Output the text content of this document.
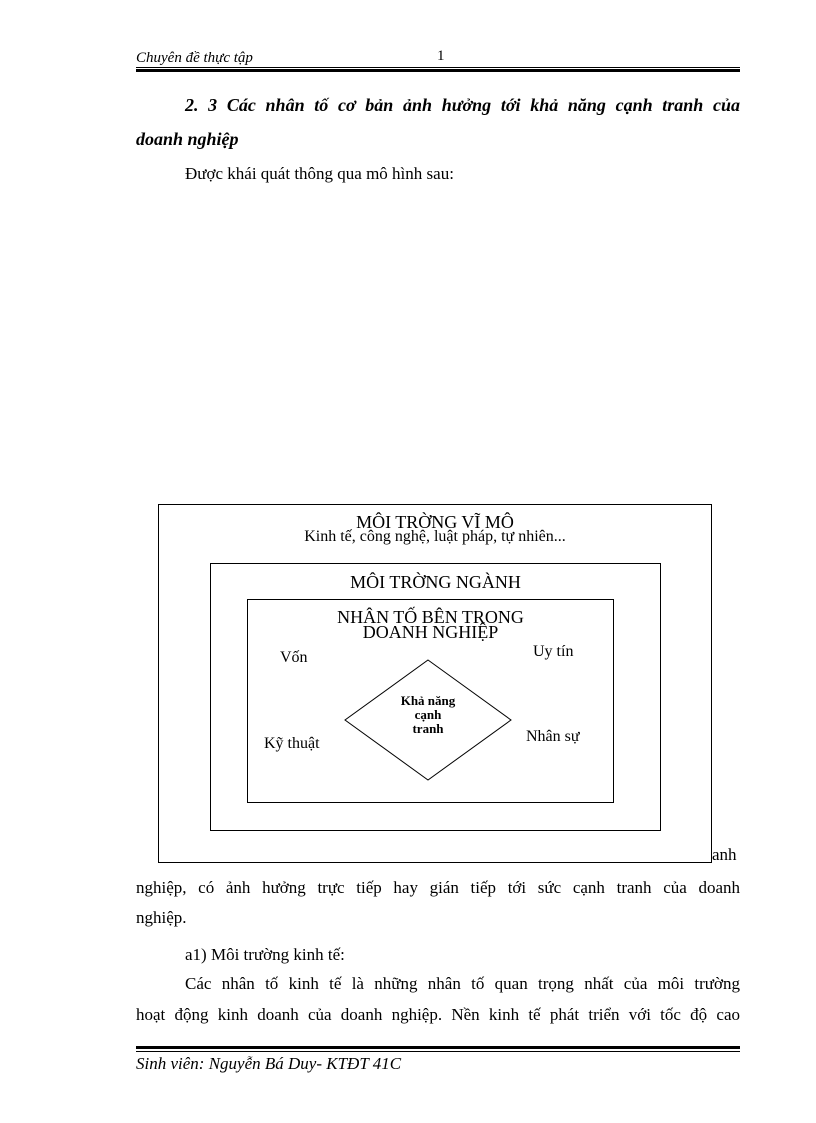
Chuyên đề thực tập	1
2. 3 Các nhân tố cơ bản ảnh hưởng tới khả năng cạnh tranh của
doanh nghiệp
Được khái quát thông qua mô hình sau:
MÔI TRỜNG VĨ MÔ
Kinh tế, công nghệ, luật pháp, tự nhiên...
MÔI TRỜNG NGÀNH
NHÂN TỐ BÊN TRONG
DOANH NGHIỆP
Vốn	Uy tín
Kỹ thuật	Nhân sự
Khả năng
cạnh
tranh
anh
nghiệp, có ảnh hưởng trực tiếp hay gián tiếp tới sức cạnh tranh của doanh
nghiệp.
a1) Môi trường kinh tế:
Các nhân tố kinh tế là những nhân tố quan trọng nhất của môi trường
hoạt động kinh doanh của doanh nghiệp. Nền kinh tế phát triển với tốc độ cao
Sinh viên: Nguyễn Bá Duy- KTĐT 41C
